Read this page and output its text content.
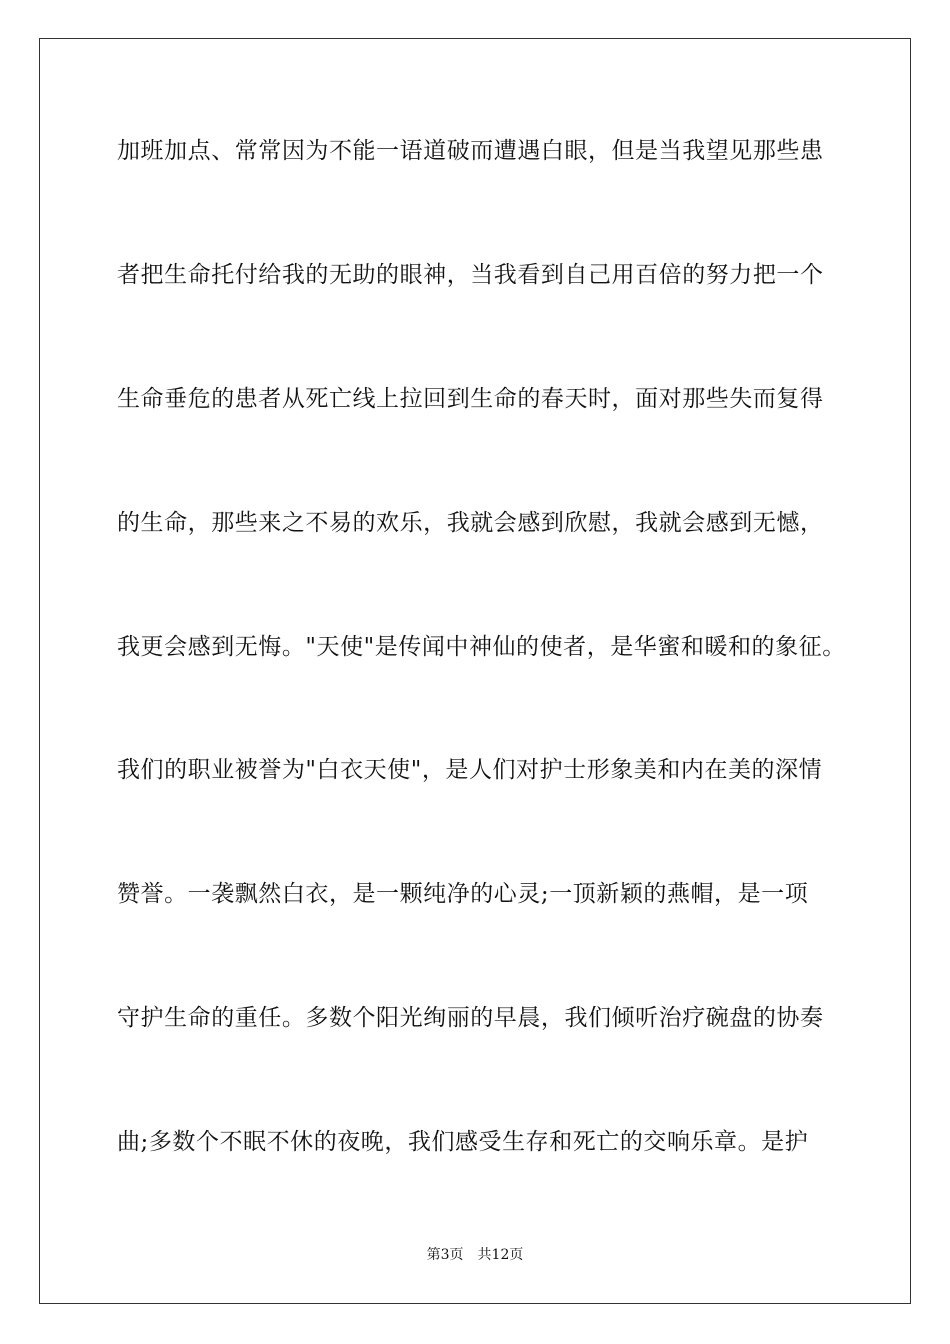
加班加点、常常因为不能一语道破而遭遇白眼，但是当我望见那些患
者把生命托付给我的无助的眼神，当我看到自己用百倍的努力把一个
生命垂危的患者从死亡线上拉回到生命的春天时，面对那些失而复得
的生命，那些来之不易的欢乐，我就会感到欣慰，我就会感到无憾，
我更会感到无悔。"天使"是传闻中神仙的使者，是华蜜和暖和的象征。
我们的职业被誉为"白衣天使"，是人们对护士形象美和内在美的深情
赞誉。一袭飘然白衣，是一颗纯净的心灵;一顶新颖的燕帽，是一项
守护生命的重任。多数个阳光绚丽的早晨，我们倾听治疗碗盘的协奏
曲;多数个不眠不休的夜晚，我们感受生存和死亡的交响乐章。是护
第3页 共12页
